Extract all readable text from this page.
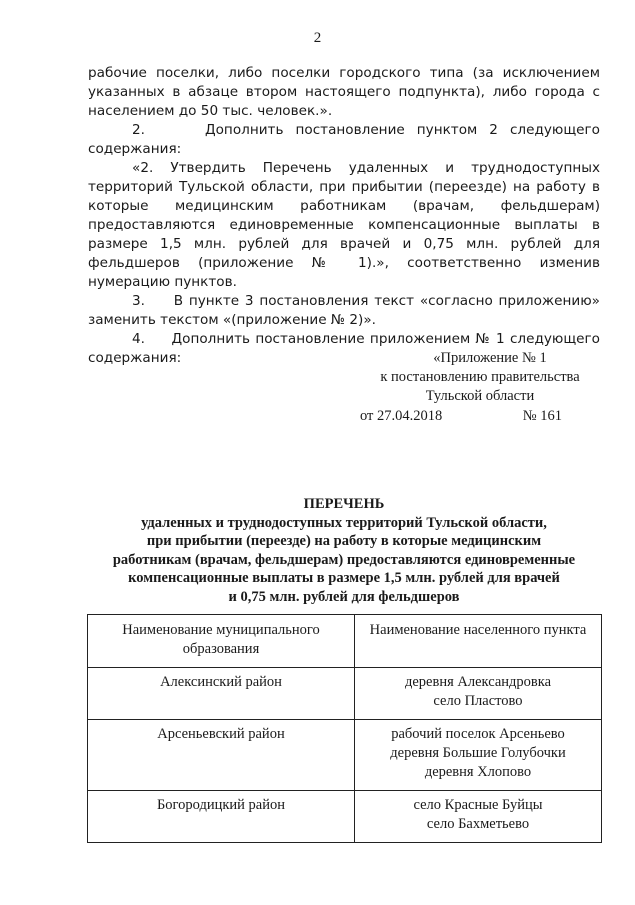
2

рабочие поселки, либо поселки городского типа (за исключением указанных в абзаце втором настоящего подпункта), либо города с населением до 50 тыс. человек.».

2.     Дополнить постановление пунктом 2 следующего содержания:

«2. Утвердить Перечень удаленных и труднодоступных территорий Тульской области, при прибытии (переезде) на работу в которые медицинским работникам (врачам, фельдшерам) предоставляются единовременные компенсационные выплаты в размере 1,5 млн. рублей для врачей и 0,75 млн. рублей для фельдшеров (приложение № 1).», соответственно изменив нумерацию пунктов.

3.     В пункте 3 постановления текст «согласно приложению» заменить текстом «(приложение № 2)».

4.     Дополнить постановление приложением № 1 следующего содержания:	«Приложение № 1
к постановлению правительства
Тульской области
от 27.04.2018	№ 161
ПЕРЕЧЕНЬ
удаленных и труднодоступных территорий Тульской области,
при прибытии (переезде) на работу в которые медицинским
работникам (врачам, фельдшерам) предоставляются единовременные
компенсационные выплаты в размере 1,5 млн. рублей для врачей
и 0,75 млн. рублей для фельдшеров
Наименование муниципального образования	Наименование населенного пункта
Алексинский район	деревня Александровка
село Пластово

Арсеньевский район	рабочий поселок Арсеньево
деревня Большие Голубочки
деревня Хлопово

Богородицкий район	село Красные Буйцы
село Бахметьево
